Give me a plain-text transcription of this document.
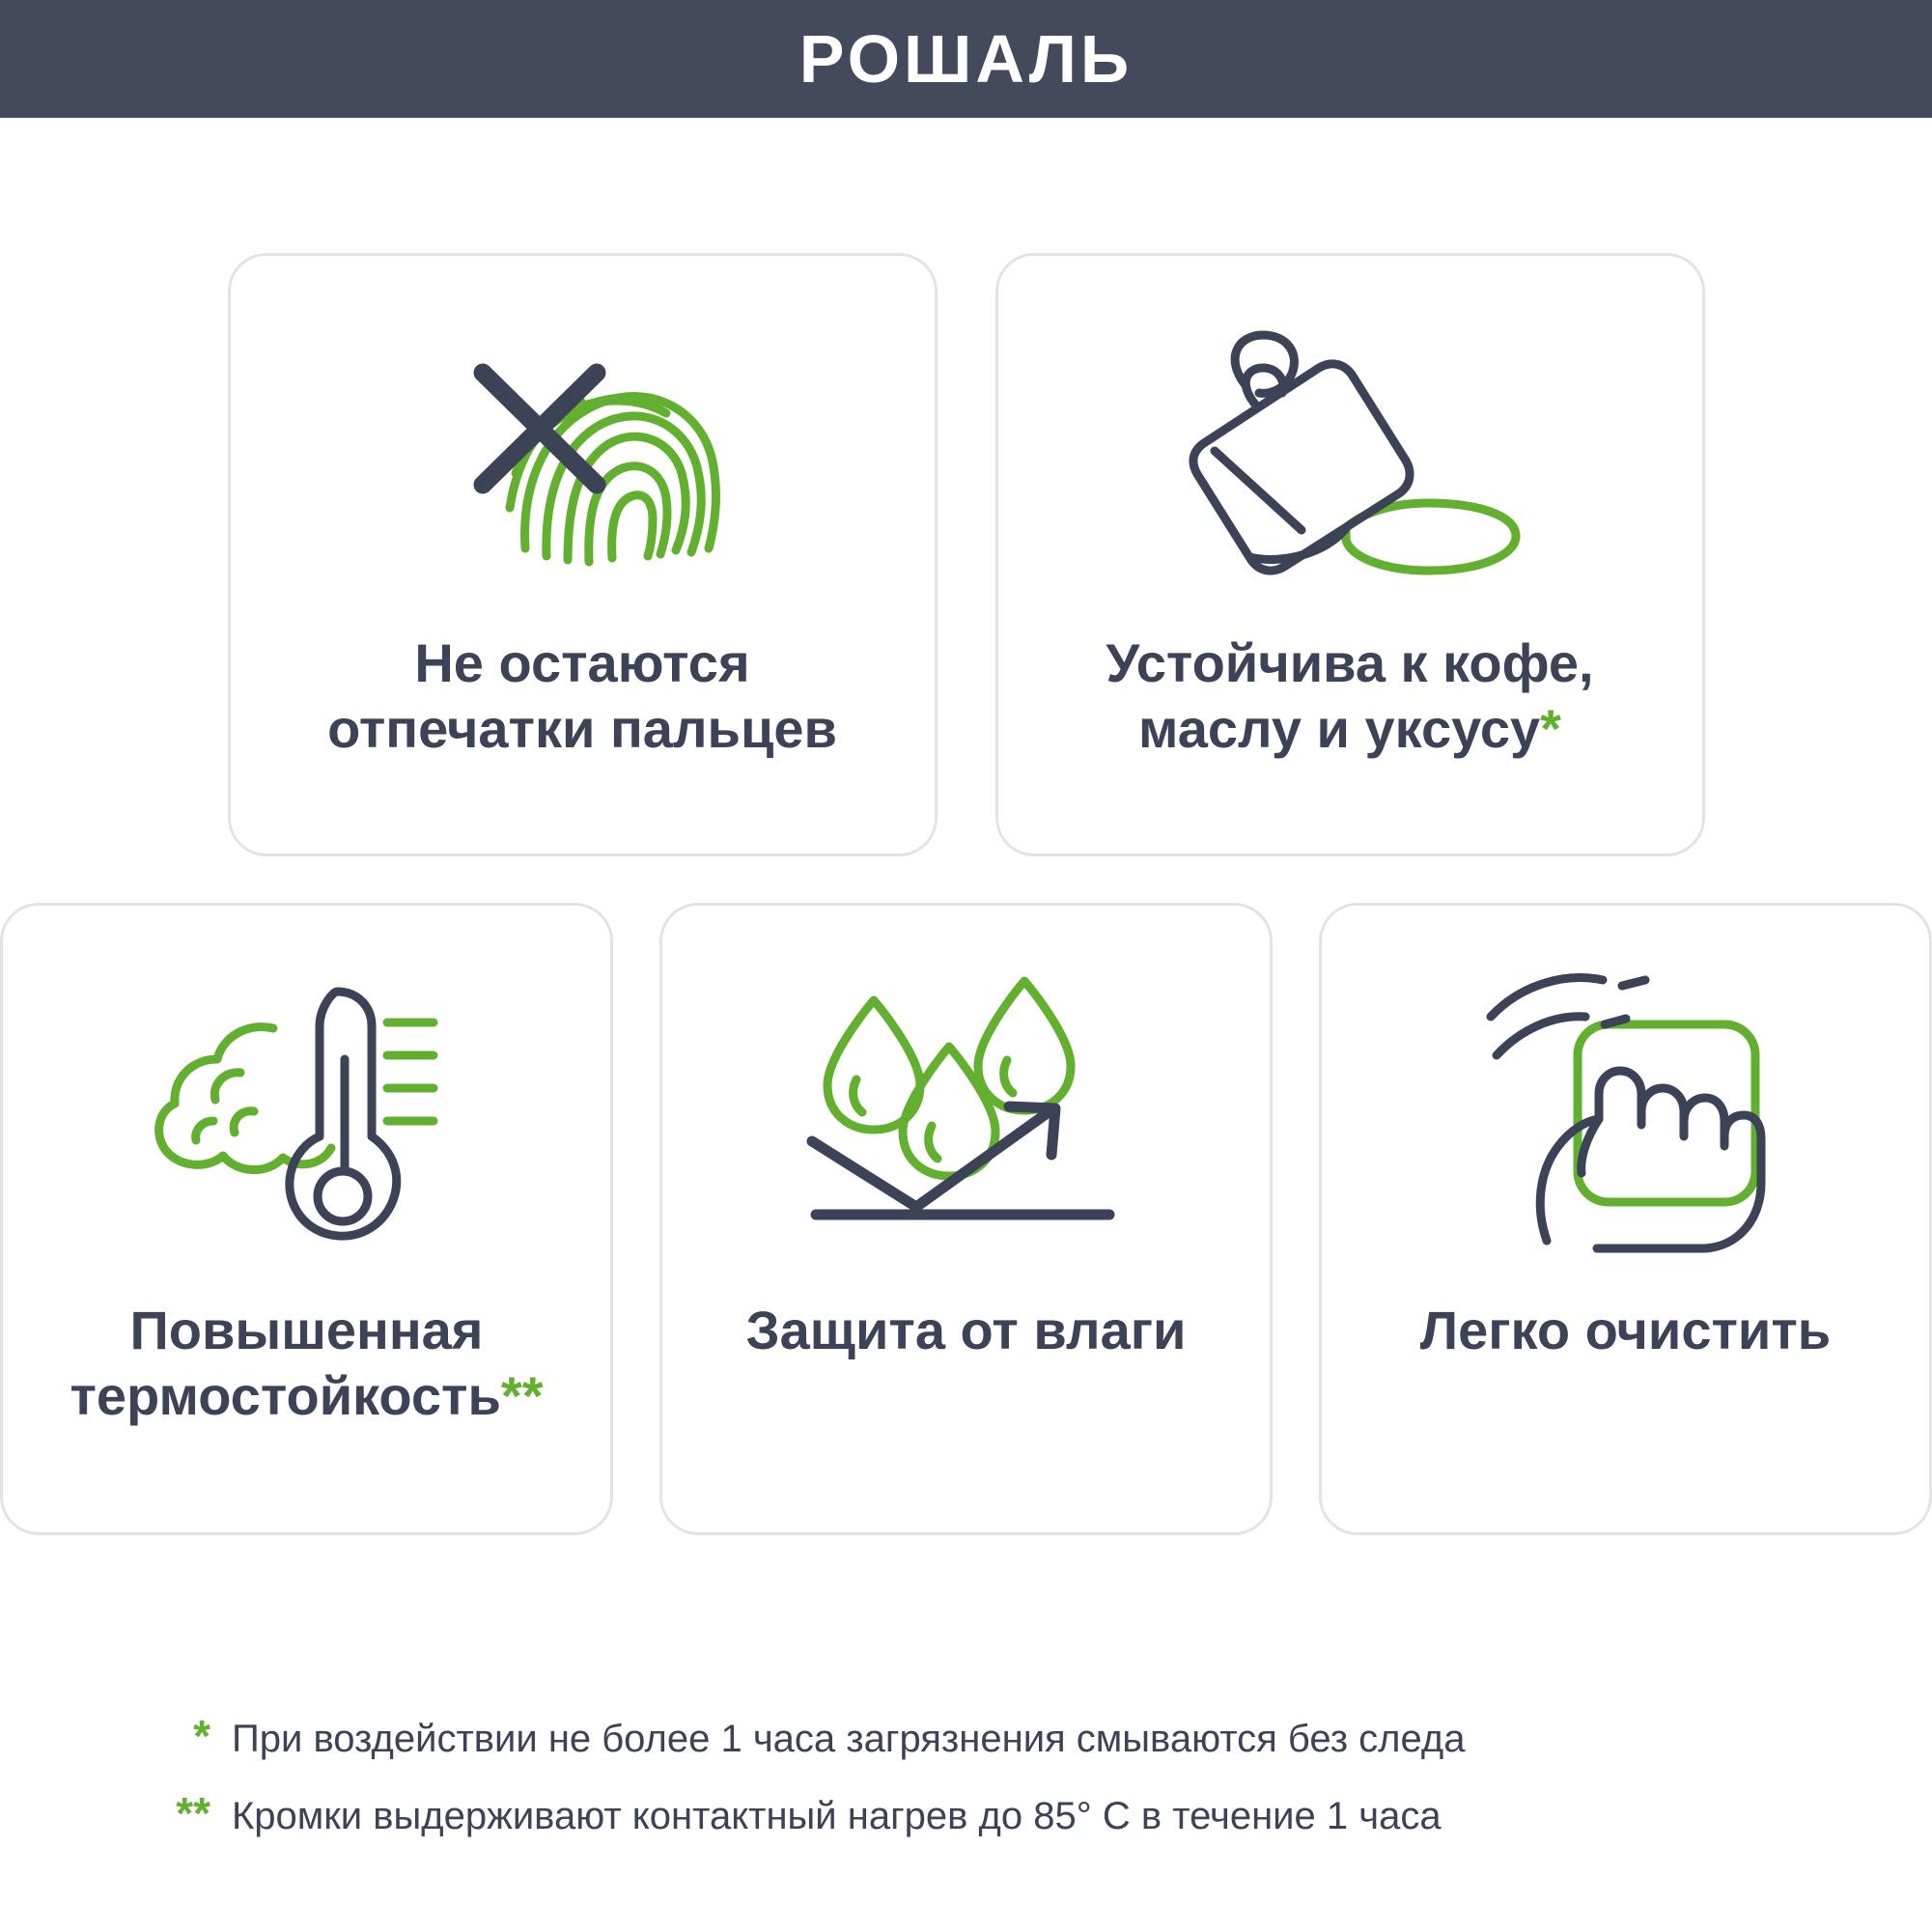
РОШАЛЬ
Не остаются
отпечатки пальцев
Устойчива к кофе,
маслу и уксусу*
Повышенная
термостойкость**
Защита от влаги	Легко очистить
* При воздействии не более 1 часа загрязнения смываются без следа
** Кромки выдерживают контактный нагрев до 85° C в течение 1 часа
